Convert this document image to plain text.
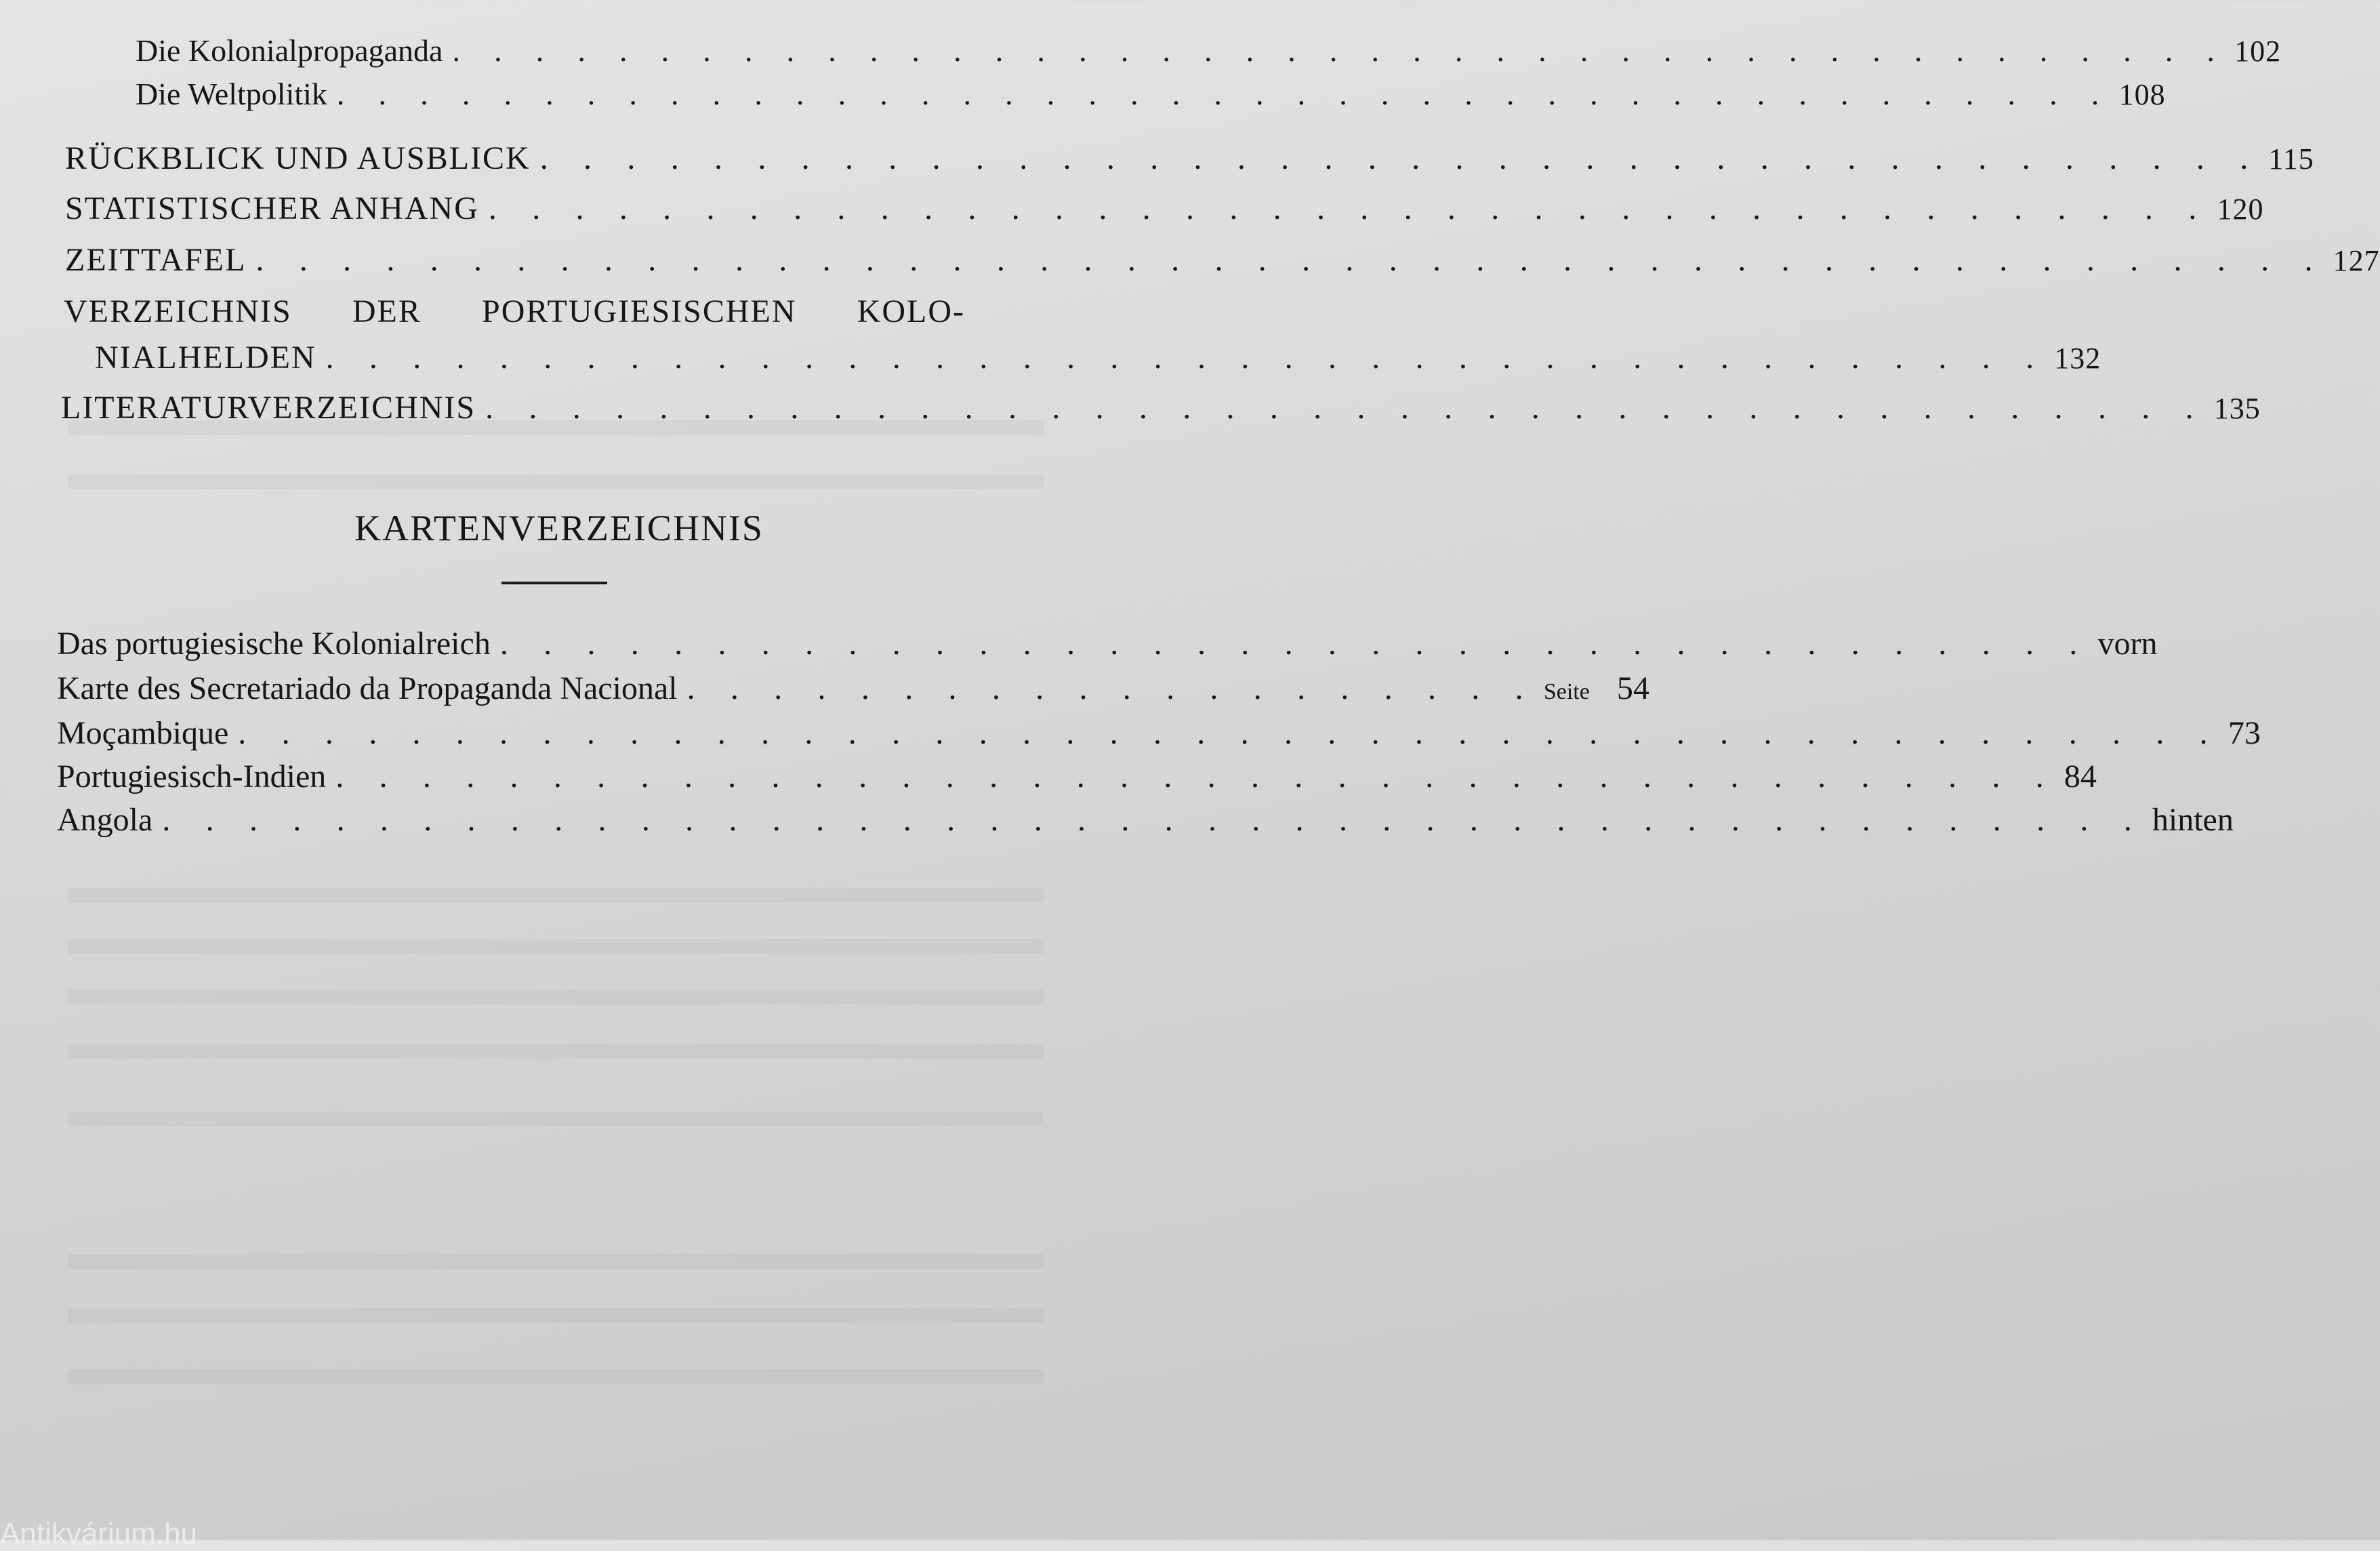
Die Kolonialpropaganda . . . . . . . . . . . . . . . . . . . . . . . . . . . . . . . . . . . . . . . . . . . 102
Die Weltpolitik . . . . . . . . . . . . . . . . . . . . . . . . . . . . . . . . . . . . . . . . . . . 108
RÜCKBLICK UND AUSBLICK . . . . . . . . . . . . . . . . . . . . . . . . . . . . . . . . . . . . . . . . 115
STATISTISCHER ANHANG . . . . . . . . . . . . . . . . . . . . . . . . . . . . . . . . . . . . . . . . 120
ZEITTAFEL . . . . . . . . . . . . . . . . . . . . . . . . . . . . . . . . . . . . . . . . . . . . . . . . 127
VERZEICHNIS DER PORTUGIESISCHEN KOLO-
NIALHELDEN . . . . . . . . . . . . . . . . . . . . . . . . . . . . . . . . . . . . . . . . 132
LITERATURVERZEICHNIS . . . . . . . . . . . . . . . . . . . . . . . . . . . . . . . . . . . . . . . . 135
KARTENVERZEICHNIS
Das portugiesische Kolonialreich . . . . . . . . . . . . . . . . . . . . . . . . . . . . . . . . . . . . . vorn
Karte des Secretariado da Propaganda Nacional . . . . . . . . . . . . . . . . . . . . Seite 54
Moçambique . . . . . . . . . . . . . . . . . . . . . . . . . . . . . . . . . . . . . . . . . . . . . . 73
Portugiesisch-Indien . . . . . . . . . . . . . . . . . . . . . . . . . . . . . . . . . . . . . . . . 84
Angola . . . . . . . . . . . . . . . . . . . . . . . . . . . . . . . . . . . . . . . . . . . . . . hinten
Antikvárium.hu
